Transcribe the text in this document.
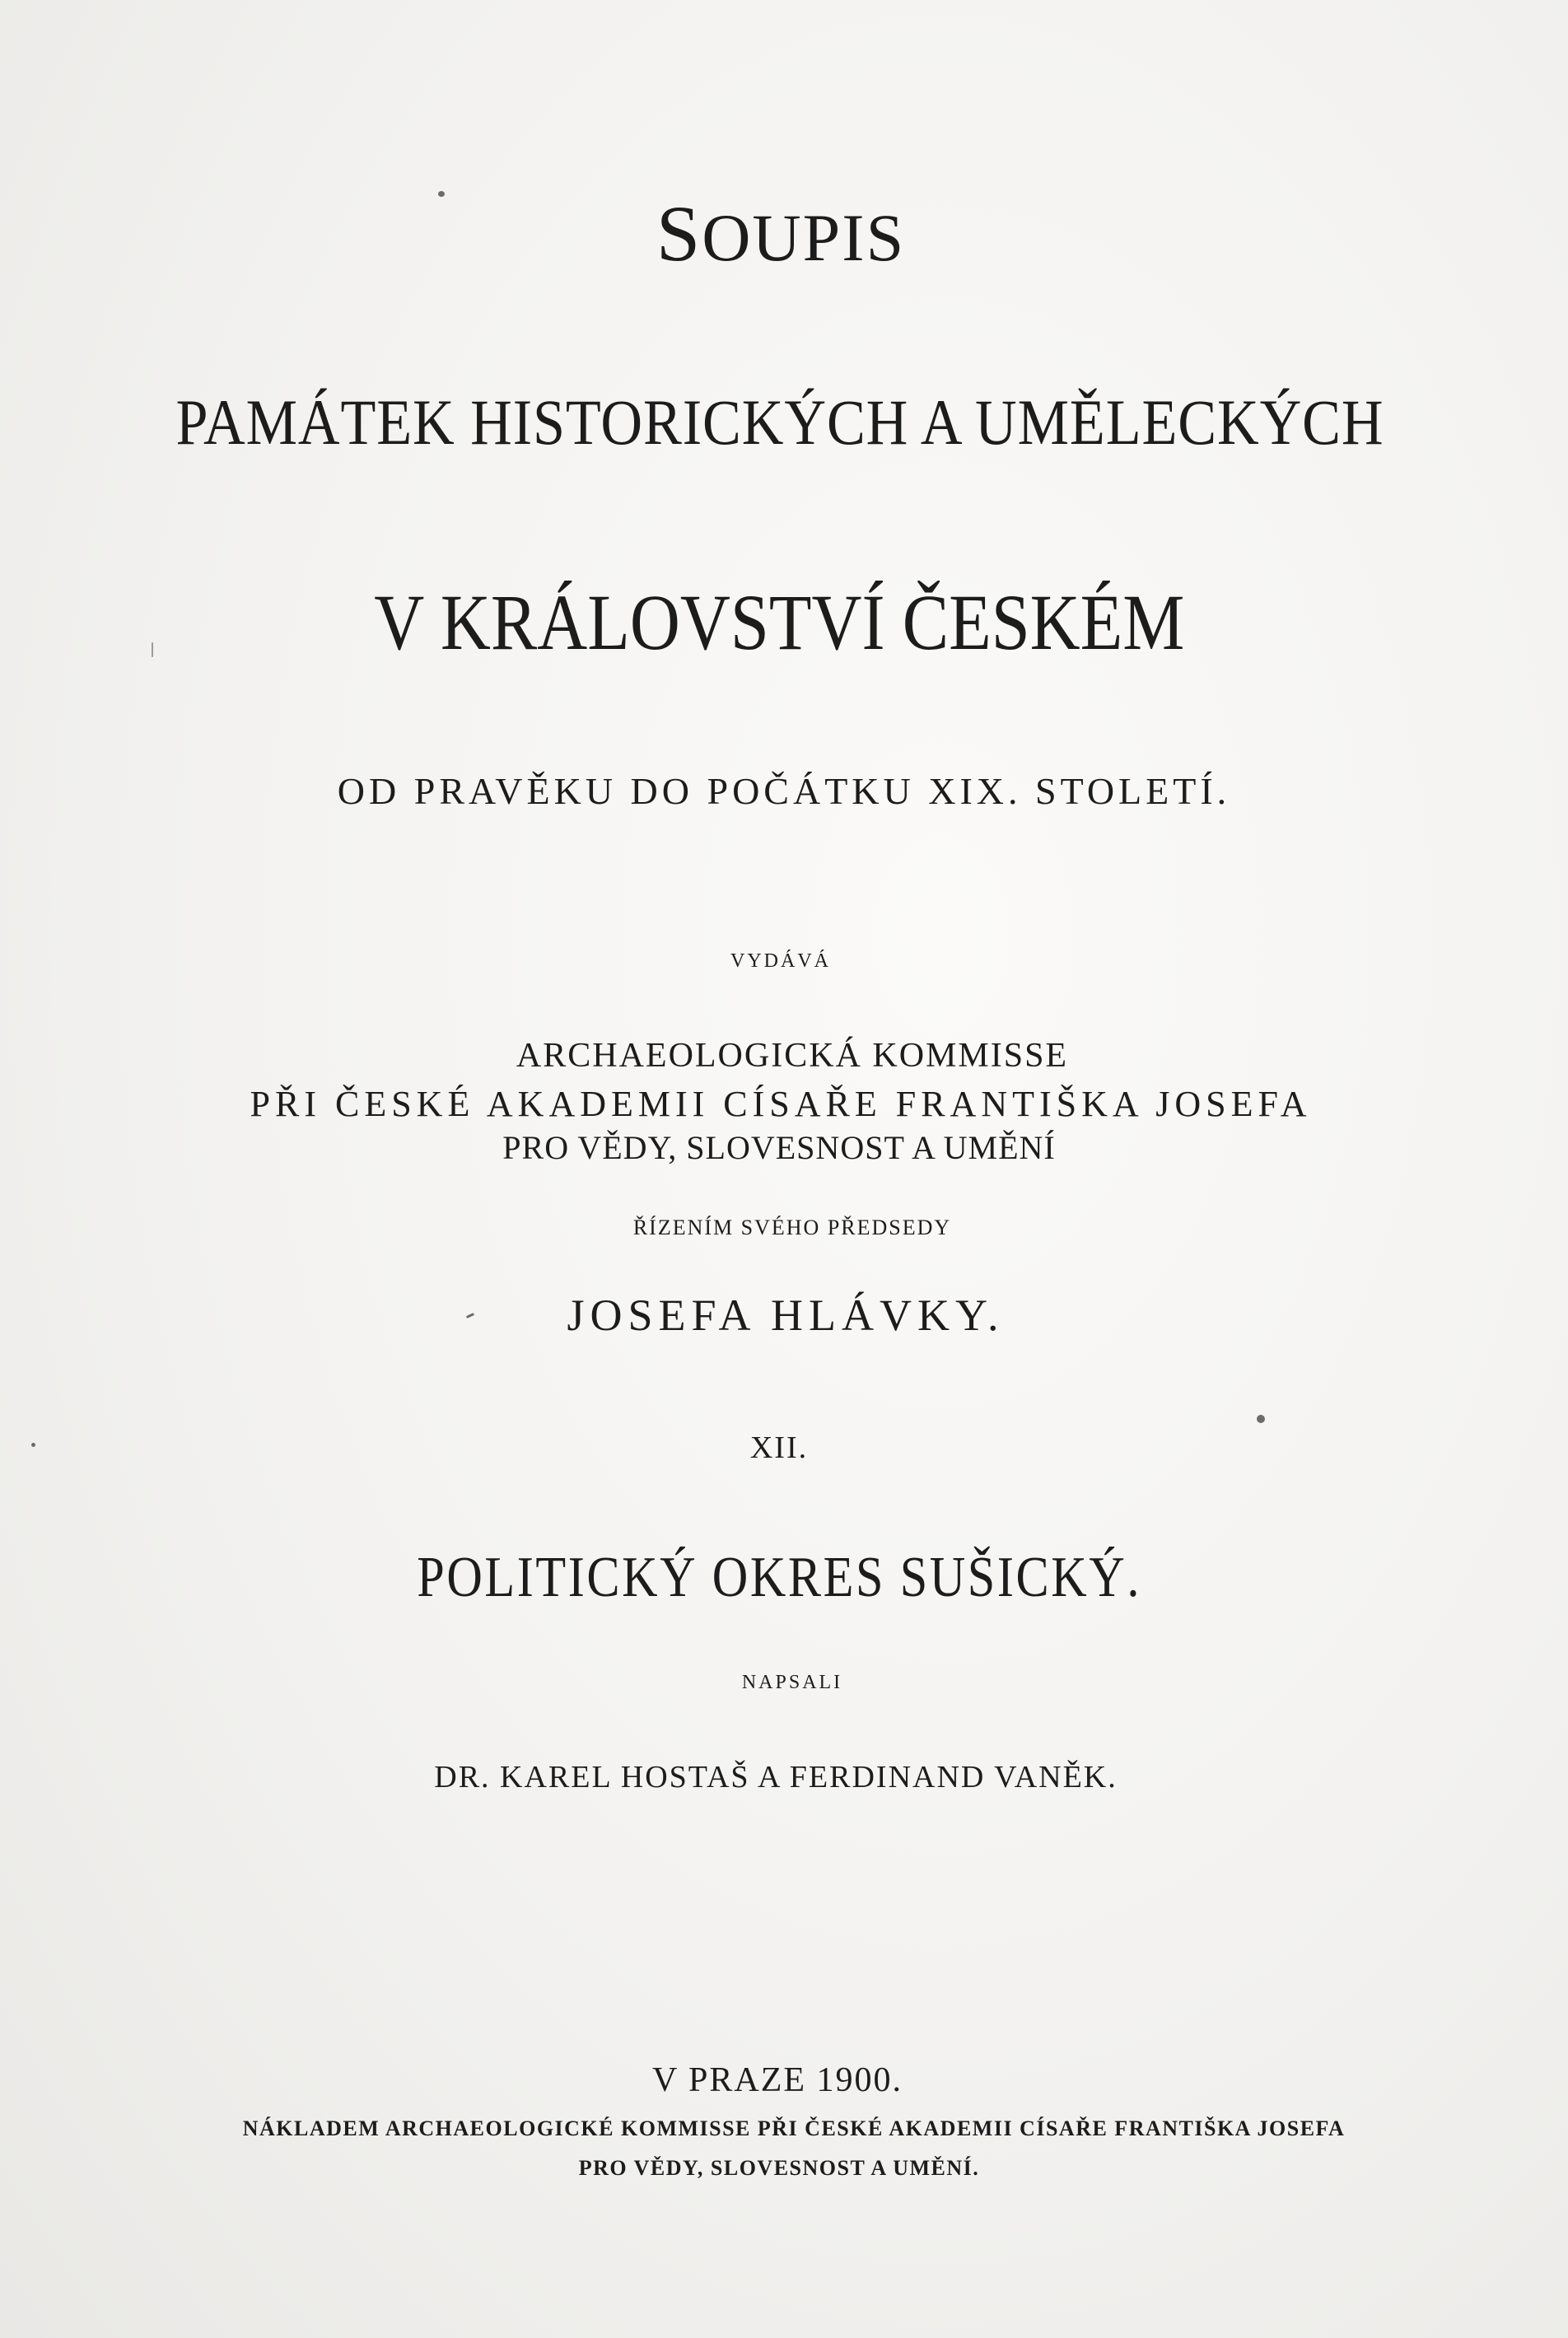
SOUPIS
PAMÁTEK HISTORICKÝCH A UMĚLECKÝCH
V KRÁLOVSTVÍ ČESKÉM
OD PRAVĚKU DO POČÁTKU XIX. STOLETÍ.
VYDÁVÁ
ARCHAEOLOGICKÁ KOMMISSE
PŘI ČESKÉ AKADEMII CÍSAŘE FRANTIŠKA JOSEFA
PRO VĚDY, SLOVESNOST A UMĚNÍ
ŘÍZENÍM SVÉHO PŘEDSEDY
JOSEFA HLÁVKY.
XII.
POLITICKÝ OKRES SUŠICKÝ.
NAPSALI
DR. KAREL HOSTAŠ A FERDINAND VANĚK.
V PRAZE 1900.
NÁKLADEM ARCHAEOLOGICKÉ KOMMISSE PŘI ČESKÉ AKADEMII CÍSAŘE FRANTIŠKA JOSEFA
PRO VĚDY, SLOVESNOST A UMĚNÍ.
